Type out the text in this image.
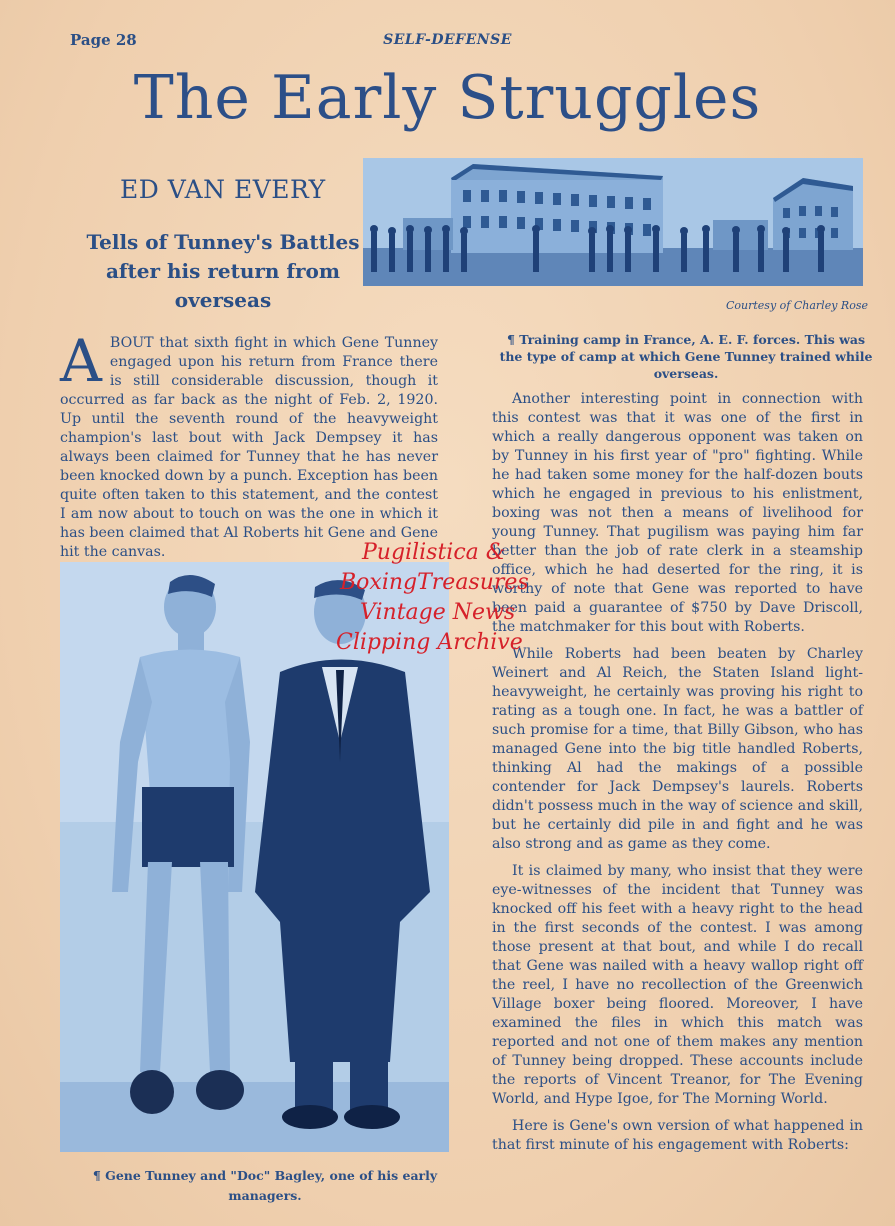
Page 28	SELF-DEFENSE
The Early Struggles
ED VAN EVERY
Tells of Tunney's Battles after his return from overseas	Courtesy of Charley Rose
¶ Training camp in France, A. E. F. forces. This was the type of camp at which Gene Tunney trained while overseas.

ABOUT that sixth fight in which Gene Tunney engaged upon his return from France there is still considerable discussion, though it occurred as far back as the night of Feb. 2, 1920. Up until the seventh round of the heavyweight champion's last bout with Jack Dempsey it has always been claimed for Tunney that he has never been knocked down by a punch. Exception has been quite often taken to this statement, and the contest I am now about to touch on was the one in which it has been claimed that Al Roberts hit Gene and Gene hit the canvas.

¶ Gene Tunney and "Doc" Bagley, one of his early managers.

Another interesting point in connection with this contest was that it was one of the first in which a really dangerous opponent was taken on by Tunney in his first year of "pro" fighting. While he had taken some money for the half-dozen bouts which he engaged in previous to his enlistment, boxing was not then a means of livelihood for young Tunney. That pugilism was paying him far better than the job of rate clerk in a steamship office, which he had deserted for the ring, it is worthy of note that Gene was reported to have been paid a guarantee of $750 by Dave Driscoll, the matchmaker for this bout with Roberts.

While Roberts had been beaten by Charley Weinert and Al Reich, the Staten Island light-heavyweight, he certainly was proving his right to rating as a tough one. In fact, he was a battler of such promise for a time, that Billy Gibson, who has managed Gene into the big title handled Roberts, thinking Al had the makings of a possible contender for Jack Dempsey's laurels. Roberts didn't possess much in the way of science and skill, but he certainly did pile in and fight and he was also strong and as game as they come.

It is claimed by many, who insist that they were eye-witnesses of the incident that Tunney was knocked off his feet with a heavy right to the head in the first seconds of the contest. I was among those present at that bout, and while I do recall that Gene was nailed with a heavy wallop right off the reel, I have no recollection of the Greenwich Village boxer being floored. Moreover, I have examined the files in which this match was reported and not one of them makes any mention of Tunney being dropped. These accounts include the reports of Vincent Treanor, for The Evening World, and Hype Igoe, for The Morning World.

Here is Gene's own version of what happened in that first minute of his engagement with Roberts:

Pugilistica &
BoxingTreasures
Vintage News
Clipping Archive
